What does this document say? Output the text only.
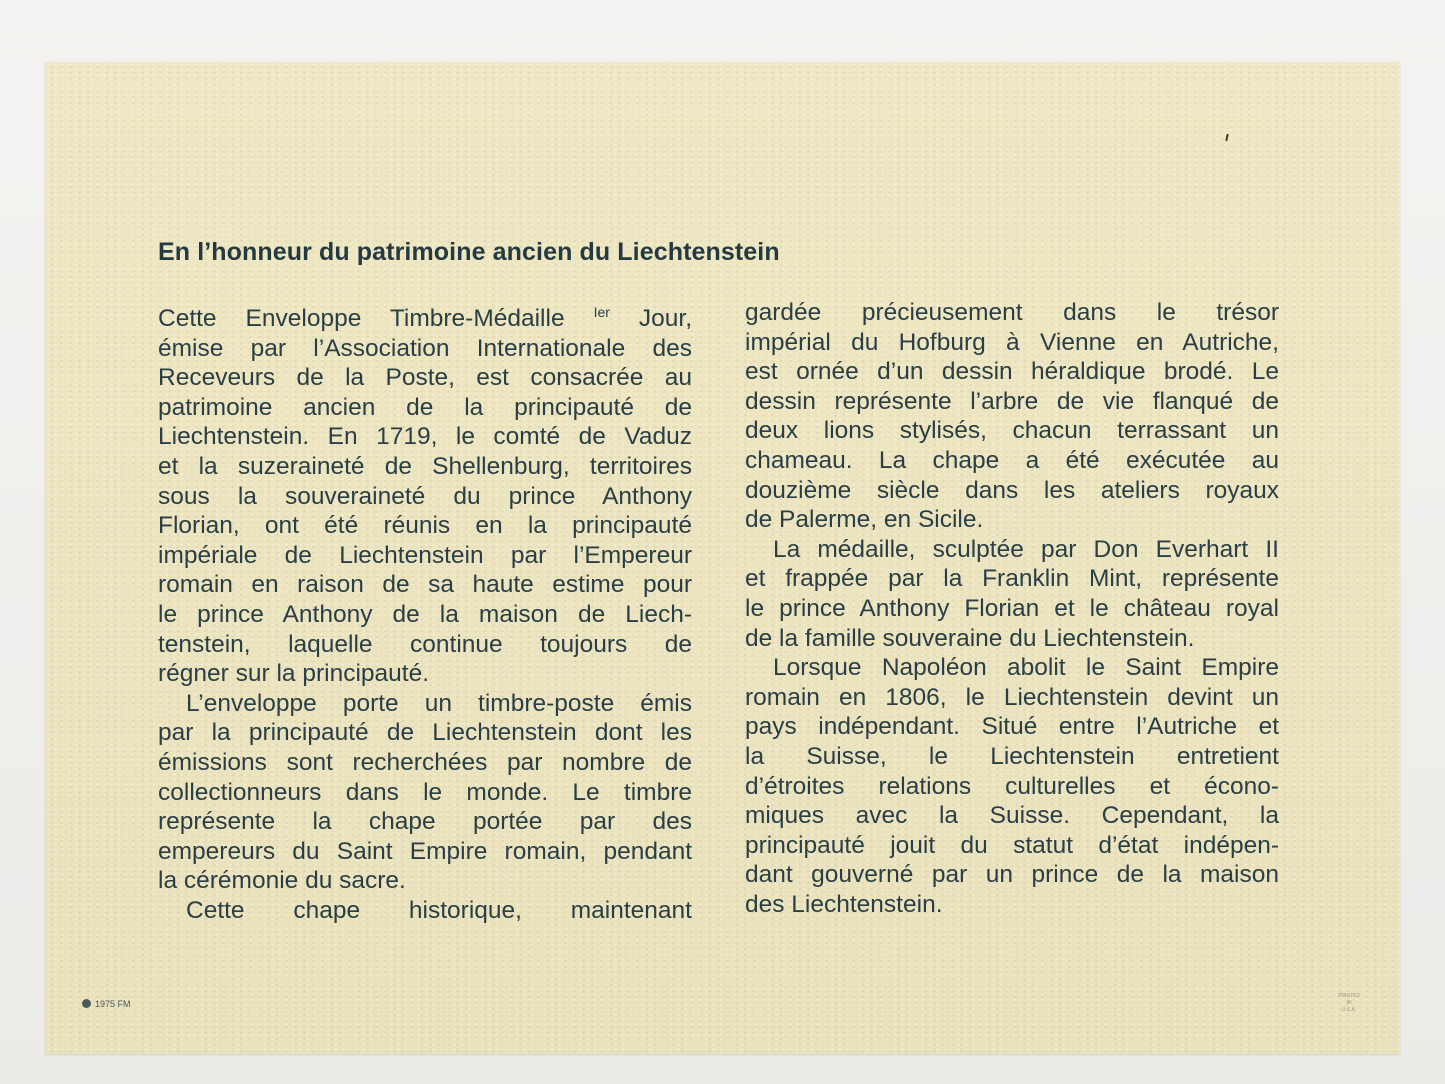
En l’honneur du patrimoine ancien du Liechtenstein

Cette Enveloppe Timbre-Médaille $^{Ier}$ Jour,
émise par l’Association Internationale des
Receveurs de la Poste, est consacrée au
patrimoine ancien de la principauté de
Liechtenstein. En 1719, le comté de Vaduz
et la suzeraineté de Shellenburg, territoires
sous la souveraineté du prince Anthony
Florian, ont été réunis en la principauté
impériale de Liechtenstein par l’Empereur
romain en raison de sa haute estime pour
le prince Anthony de la maison de Liech-
tenstein, laquelle continue toujours de
régner sur la principauté.

L’enveloppe porte un timbre-poste émis
par la principauté de Liechtenstein dont les
émissions sont recherchées par nombre de
collectionneurs dans le monde. Le timbre
représente la chape portée par des
empereurs du Saint Empire romain, pendant
la cérémonie du sacre.

Cette chape historique, maintenant

gardée précieusement dans le trésor
impérial du Hofburg à Vienne en Autriche,
est ornée d’un dessin héraldique brodé. Le
dessin représente l’arbre de vie flanqué de
deux lions stylisés, chacun terrassant un
chameau. La chape a été exécutée au
douzième siècle dans les ateliers royaux
de Palerme, en Sicile.

La médaille, sculptée par Don Everhart II
et frappée par la Franklin Mint, représente
le prince Anthony Florian et le château royal
de la famille souveraine du Liechtenstein.

Lorsque Napoléon abolit le Saint Empire
romain en 1806, le Liechtenstein devint un
pays indépendant. Situé entre l’Autriche et
la Suisse, le Liechtenstein entretient
d’étroites relations culturelles et écono-
miques avec la Suisse. Cependant, la
principauté jouit du statut d’état indépen-
dant gouverné par un prince de la maison
des Liechtenstein.

1975 FM
PRINTED
IN
U.S.A.
